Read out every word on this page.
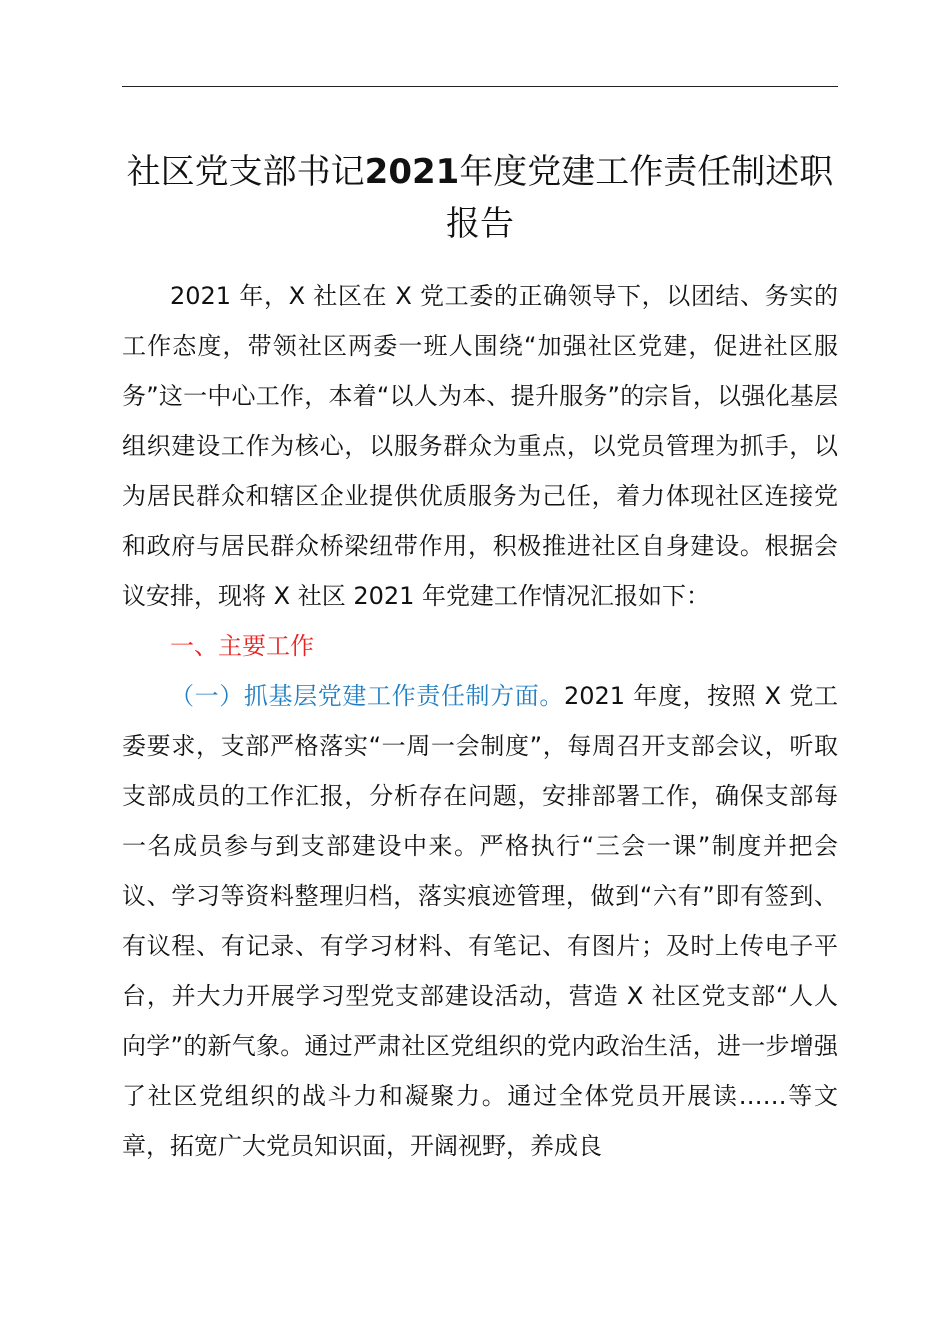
社区党支部书记2021年度党建工作责任制述职报告

2021 年，X 社区在 X 党工委的正确领导下，以团结、务实的工作态度，带领社区两委一班人围绕“加强社区党建，促进社区服务”这一中心工作，本着“以人为本、提升服务”的宗旨，以强化基层组织建设工作为核心，以服务群众为重点，以党员管理为抓手，以为居民群众和辖区企业提供优质服务为己任，着力体现社区连接党和政府与居民群众桥梁纽带作用，积极推进社区自身建设。根据会议安排，现将 X 社区 2021 年党建工作情况汇报如下：

一、主要工作

（一）抓基层党建工作责任制方面。2021 年度，按照 X 党工委要求，支部严格落实“一周一会制度”，每周召开支部会议，听取支部成员的工作汇报，分析存在问题，安排部署工作，确保支部每一名成员参与到支部建设中来。严格执行“三会一课”制度并把会议、学习等资料整理归档，落实痕迹管理，做到“六有”即有签到、有议程、有记录、有学习材料、有笔记、有图片；及时上传电子平台，并大力开展学习型党支部建设活动，营造 X 社区党支部“人人向学”的新气象。通过严肃社区党组织的党内政治生活，进一步增强了社区党组织的战斗力和凝聚力。通过全体党员开展读……等文章，拓宽广大党员知识面，开阔视野，养成良
